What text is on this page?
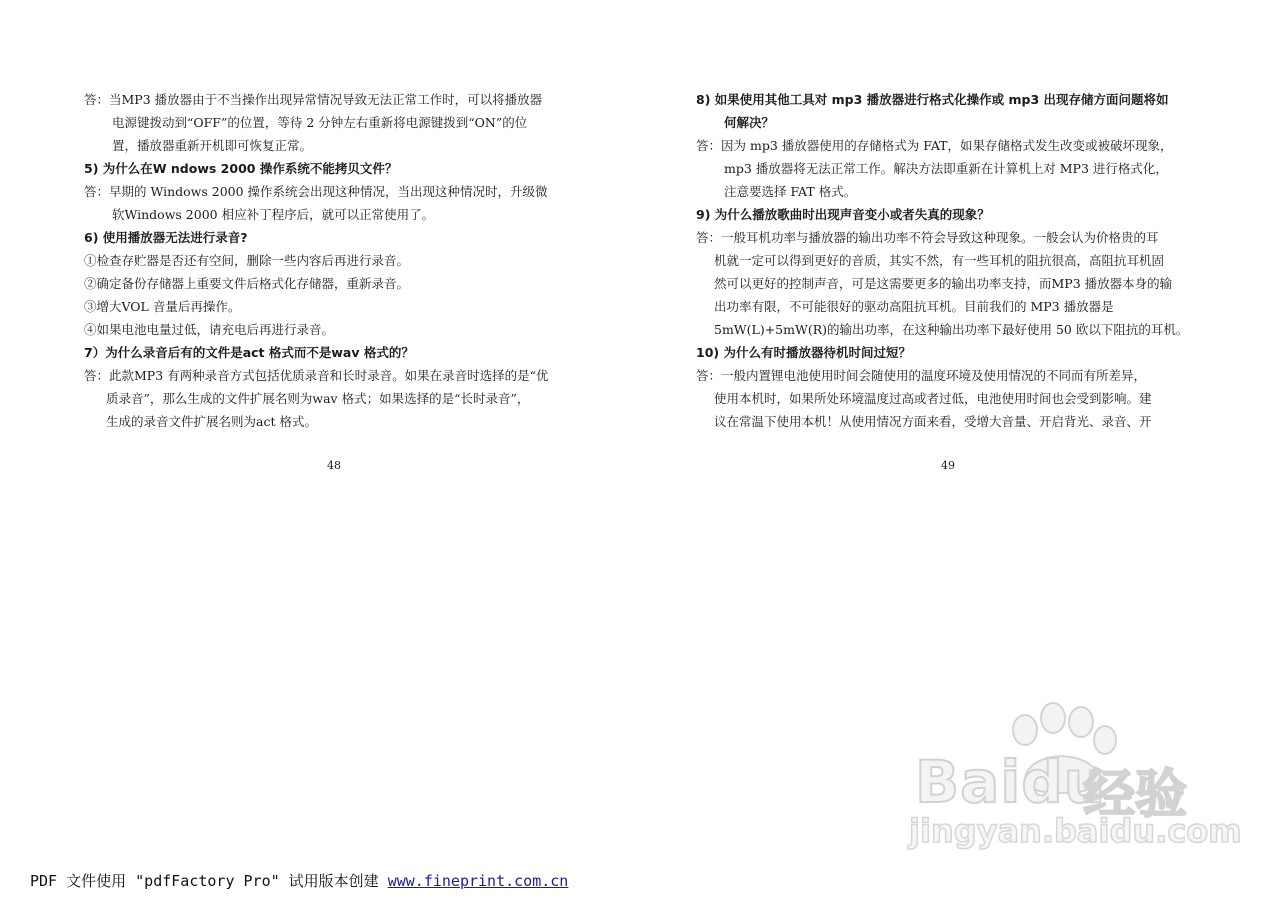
答：当MP3 播放器由于不当操作出现异常情况导致无法正常工作时，可以将播放器
电源键拨动到“OFF”的位置，等待 2 分钟左右重新将电源键拨到“ON”的位
置，播放器重新开机即可恢复正常。
5) 为什么在W ndows 2000 操作系统不能拷贝文件？
答：早期的 Windows 2000 操作系统会出现这种情况，当出现这种情况时，升级微
软Windows 2000 相应补丁程序后，就可以正常使用了。
6) 使用播放器无法进行录音?
①检查存贮器是否还有空间，删除一些内容后再进行录音。
②确定备份存储器上重要文件后格式化存储器，重新录音。
③增大VOL 音量后再操作。
④如果电池电量过低，请充电后再进行录音。
7）为什么录音后有的文件是act 格式而不是wav 格式的？
答：此款MP3 有两种录音方式包括优质录音和长时录音。如果在录音时选择的是“优
质录音”，那么生成的文件扩展名则为wav 格式；如果选择的是“长时录音”，
生成的录音文件扩展名则为act 格式。
48
8) 如果使用其他工具对 mp3 播放器进行格式化操作或 mp3 出现存储方面问题将如
何解决？
答：因为 mp3 播放器使用的存储格式为 FAT，如果存储格式发生改变或被破坏现象，
mp3 播放器将无法正常工作。解决方法即重新在计算机上对 MP3 进行格式化，
注意要选择 FAT 格式。
9) 为什么播放歌曲时出现声音变小或者失真的现象？
答：一般耳机功率与播放器的输出功率不符会导致这种现象。一般会认为价格贵的耳
机就一定可以得到更好的音质，其实不然，有一些耳机的阻抗很高，高阻抗耳机固
然可以更好的控制声音，可是这需要更多的输出功率支持，而MP3 播放器本身的输
出功率有限，不可能很好的驱动高阻抗耳机。目前我们的 MP3 播放器是
5mW(L)+5mW(R)的输出功率，在这种输出功率下最好使用 50 欧以下阻抗的耳机。
10) 为什么有时播放器待机时间过短？
答：一般内置锂电池使用时间会随使用的温度环境及使用情况的不同而有所差异，
使用本机时，如果所处环境温度过高或者过低，电池使用时间也会受到影响。建
议在常温下使用本机！从使用情况方面来看，受增大音量、开启背光、录音、开
49
Baidu
经验
jingyan.baidu.com
PDF 文件使用 "pdfFactory Pro" 试用版本创建 www.fineprint.com.cn
